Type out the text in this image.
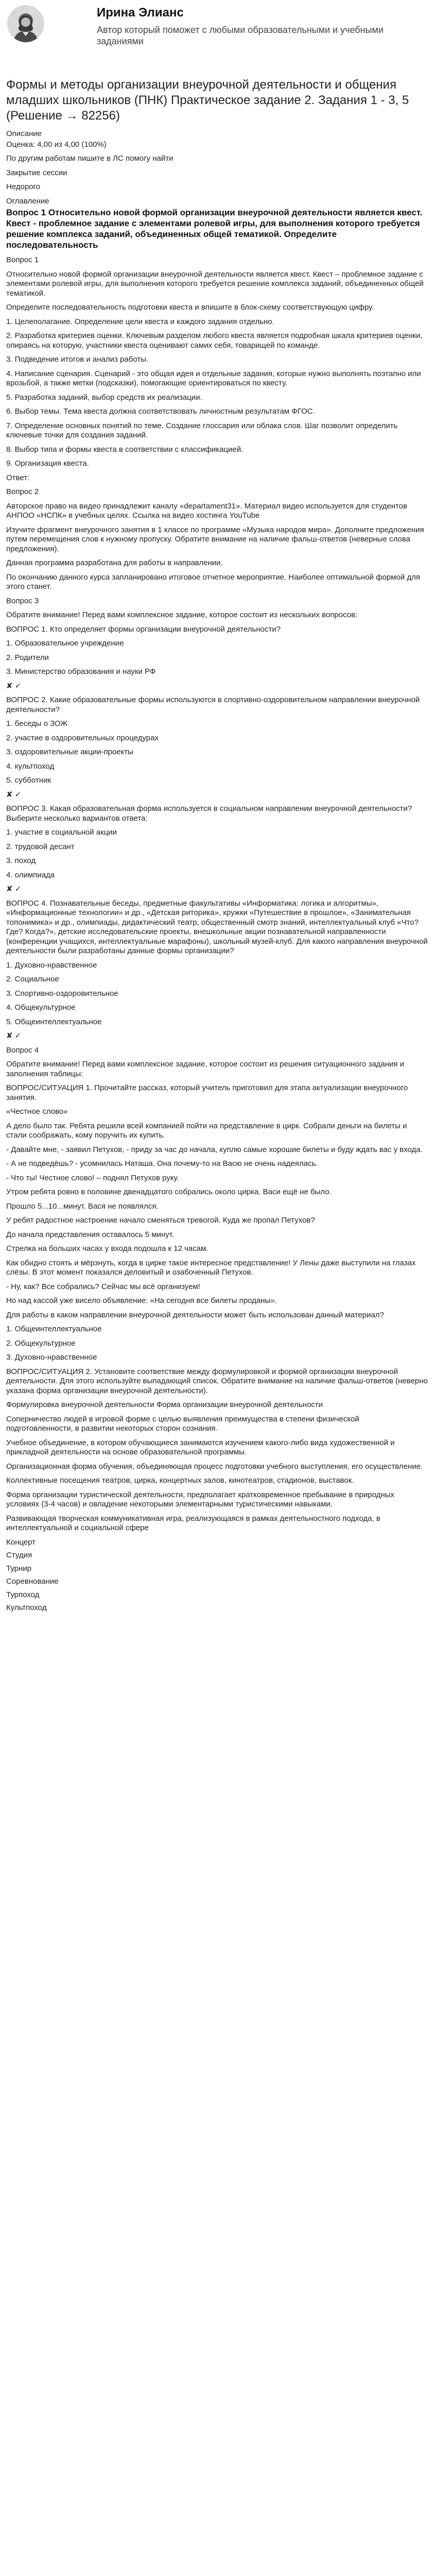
Ирина Элианс
Автор который поможет с любыми образовательными и учебными заданиями
Формы и методы организации внеурочной деятельности и общения младших школьников (ПНК) Практическое задание 2. Задания 1 - 3, 5 (Решение → 82256)
Описание
Оценка: 4,00 из 4,00 (100%)
По другим работам пишите в ЛС помогу найти
Закрытие сессии
Недорого
Оглавление
Вопрос 1 Относительно новой формой организации внеурочной деятельности является квест. Квест - проблемное задание с элементами ролевой игры, для выполнения которого требуется решение комплекса заданий, объединенных общей тематикой. Определите последовательность
Вопрос 1
Относительно новой формой организации внеурочной деятельности является квест. Квест – проблемное задание с элементами ролевой игры, для выполнения которого требуется решение комплекса заданий, объединенных общей тематикой.
Определите последовательность подготовки квеста и впишите в блок-схему соответствующую цифру.
1. Целеполагание. Определение цели квеста и каждого задания отдельно.
2. Разработка критериев оценки. Ключевым разделом любого квеста является подробная шкала критериев оценки, опираясь на которую, участники квеста оценивают самих себя, товарищей по команде.
3. Подведение итогов и анализ работы.
4. Написание сценария. Сценарий - это общая идея и отдельные задания, которые нужно выполнять поэтапно или врозьбой, а также метки (подсказки), помогающие ориентироваться по квесту.
5. Разработка заданий, выбор средств их реализации.
6. Выбор темы. Тема квеста должна соответствовать личностным результатам ФГОС.
7. Определение основных понятий по теме. Создание глоссария или облака слов. Шаг позволит определить ключевые точки для создания заданий.
8. Выбор типа и формы квеста в соответствии с классификацией.
9. Организация квеста.
Ответ:
Вопрос 2
Авторское право на видео принадлежит каналу «departament31». Материал видео используется для студентов АНПОО «НСПК» в учебных целях. Ссылка на видео хостинга YouTube
Изучите фрагмент внеурочного занятия в 1 классе по программе «Музыка народов мира». Дополните предложения путем перемещения слов к нужному пропуску. Обратите внимание на наличие фальш-ответов (неверные слова предложения).
Данная программа разработана для работы в направлении.
По окончанию данного курса запланировано итоговое отчетное мероприятие. Наиболее оптимальной формой для этого станет.
Вопрос 3
Обратите внимание! Перед вами комплексное задание, которое состоит из нескольких вопросов:
ВОПРОС 1. Кто определяет формы организации внеурочной деятельности?
1. Образовательное учреждение
2. Родители
3. Министерство образования и науки РФ
✘ ✓
ВОПРОС 2. Какие образовательные формы используются в спортивно-оздоровительном направлении внеурочной деятельности?
1. беседы о ЗОЖ
2. участие в оздоровительных процедурах
3. оздоровительные акции-проекты
4. культпоход
5. субботник
✘ ✓
ВОПРОС 3. Какая образовательная форма используется в социальном направлении внеурочной деятельности? Выберите несколько вариантов ответа:
1. участие в социальной акции
2. трудовой десант
3. поход
4. олимпиада
✘ ✓
ВОПРОС 4. Познавательные беседы, предметные факультативы «Информатика: логика и алгоритмы», «Информационные технологии» и др., «Детская риторика», кружки «Путешествие в прошлое», «Занимательная топонимика» и др., олимпиады, дидактический театр, общественный смотр знаний, интеллектуальный клуб «Что? Где? Когда?», детские исследовательские проекты, внешкольные акции познавательной направленности (конференции учащихся, интеллектуальные марафоны), школьный музей-клуб. Для какого направления внеурочной деятельности были разработаны данные формы организации?
1. Духовно-нравственное
2. Социальное
3. Спортивно-оздоровительное
4. Общекультурное
5. Общеинтеллектуальное
✘ ✓
Вопрос 4
Обратите внимание! Перед вами комплексное задание, которое состоит из решения ситуационного задания и заполнения таблицы:
ВОПРОС/СИТУАЦИЯ 1. Прочитайте рассказ, который учитель приготовил для этапа актуализации внеурочного занятия.
«Честное слово»
А дело было так. Ребята решили всей компанией пойти на представление в цирк. Собрали деньги на билеты и стали соображать, кому поручить их купить.
- Давайте мне, - заявил Петухов, - приду за час до начала, куплю самые хорошие билеты и буду ждать вас у входа.
- А не подведёшь? - усомнилась Наташа. Она почему-то на Васю не очень надеялась.
- Что ты! Честное слово! – поднял Петухов руку.
Утром ребята ровно в половине двенадцатого собрались около цирка. Васи ещё не было.
Прошло 5...10...минут. Вася не появлялся.
У ребят радостное настроение начало сменяться тревогой. Куда же пропал Петухов?
До начала представления оставалось 5 минут.
Стрелка на больших часах у входа подошла к 12 часам.
Как обидно стоять и мёрзнуть, когда в цирке такое интересное представление! У Лены даже выступили на глазах слёзы. В этот момент показался деловитый и озабоченный Петухов.
- Ну, как? Все собрались? Сейчас мы всё организуем!
Но над кассой уже висело объявление: «На сегодня все билеты проданы».
Для работы в каком направлении внеурочной деятельности может быть использован данный материал?
1. Общеинтеллектуальное
2. Общекультурное
3. Духовно-нравственное
ВОПРОС/СИТУАЦИЯ 2. Установите соответствие между формулировкой и формой организации внеурочной деятельности. Для этого используйте выпадающий список. Обратите внимание на наличие фальш-ответов (неверно указана форма организации внеурочной деятельности).
Формулировка внеурочной деятельности Форма организации внеурочной деятельности
Соперничество людей в игровой форме с целью выявления преимущества в степени физической подготовленности, в развитии некоторых сторон сознания.
Учебное объединение, в котором обучающиеся занимаются изучением какого-либо вида художественной и прикладной деятельности на основе образовательной программы.
Организационная форма обучения, объединяющая процесс подготовки учебного выступления, его осуществление.
Коллективные посещения театров, цирка, концертных залов, кинотеатров, стадионов, выставок.
Форма организации туристической деятельности, предполагает кратковременное пребывание в природных условиях (3-4 часов) и овладение некоторыми элементарными туристическими навыками.
Развивающая творческая коммуникативная игра, реализующаяся в рамках деятельностного подхода, в интеллектуальной и социальной сфере
Концерт
Студия
Турнир
Соревнование
Турпоход
Культпоход
